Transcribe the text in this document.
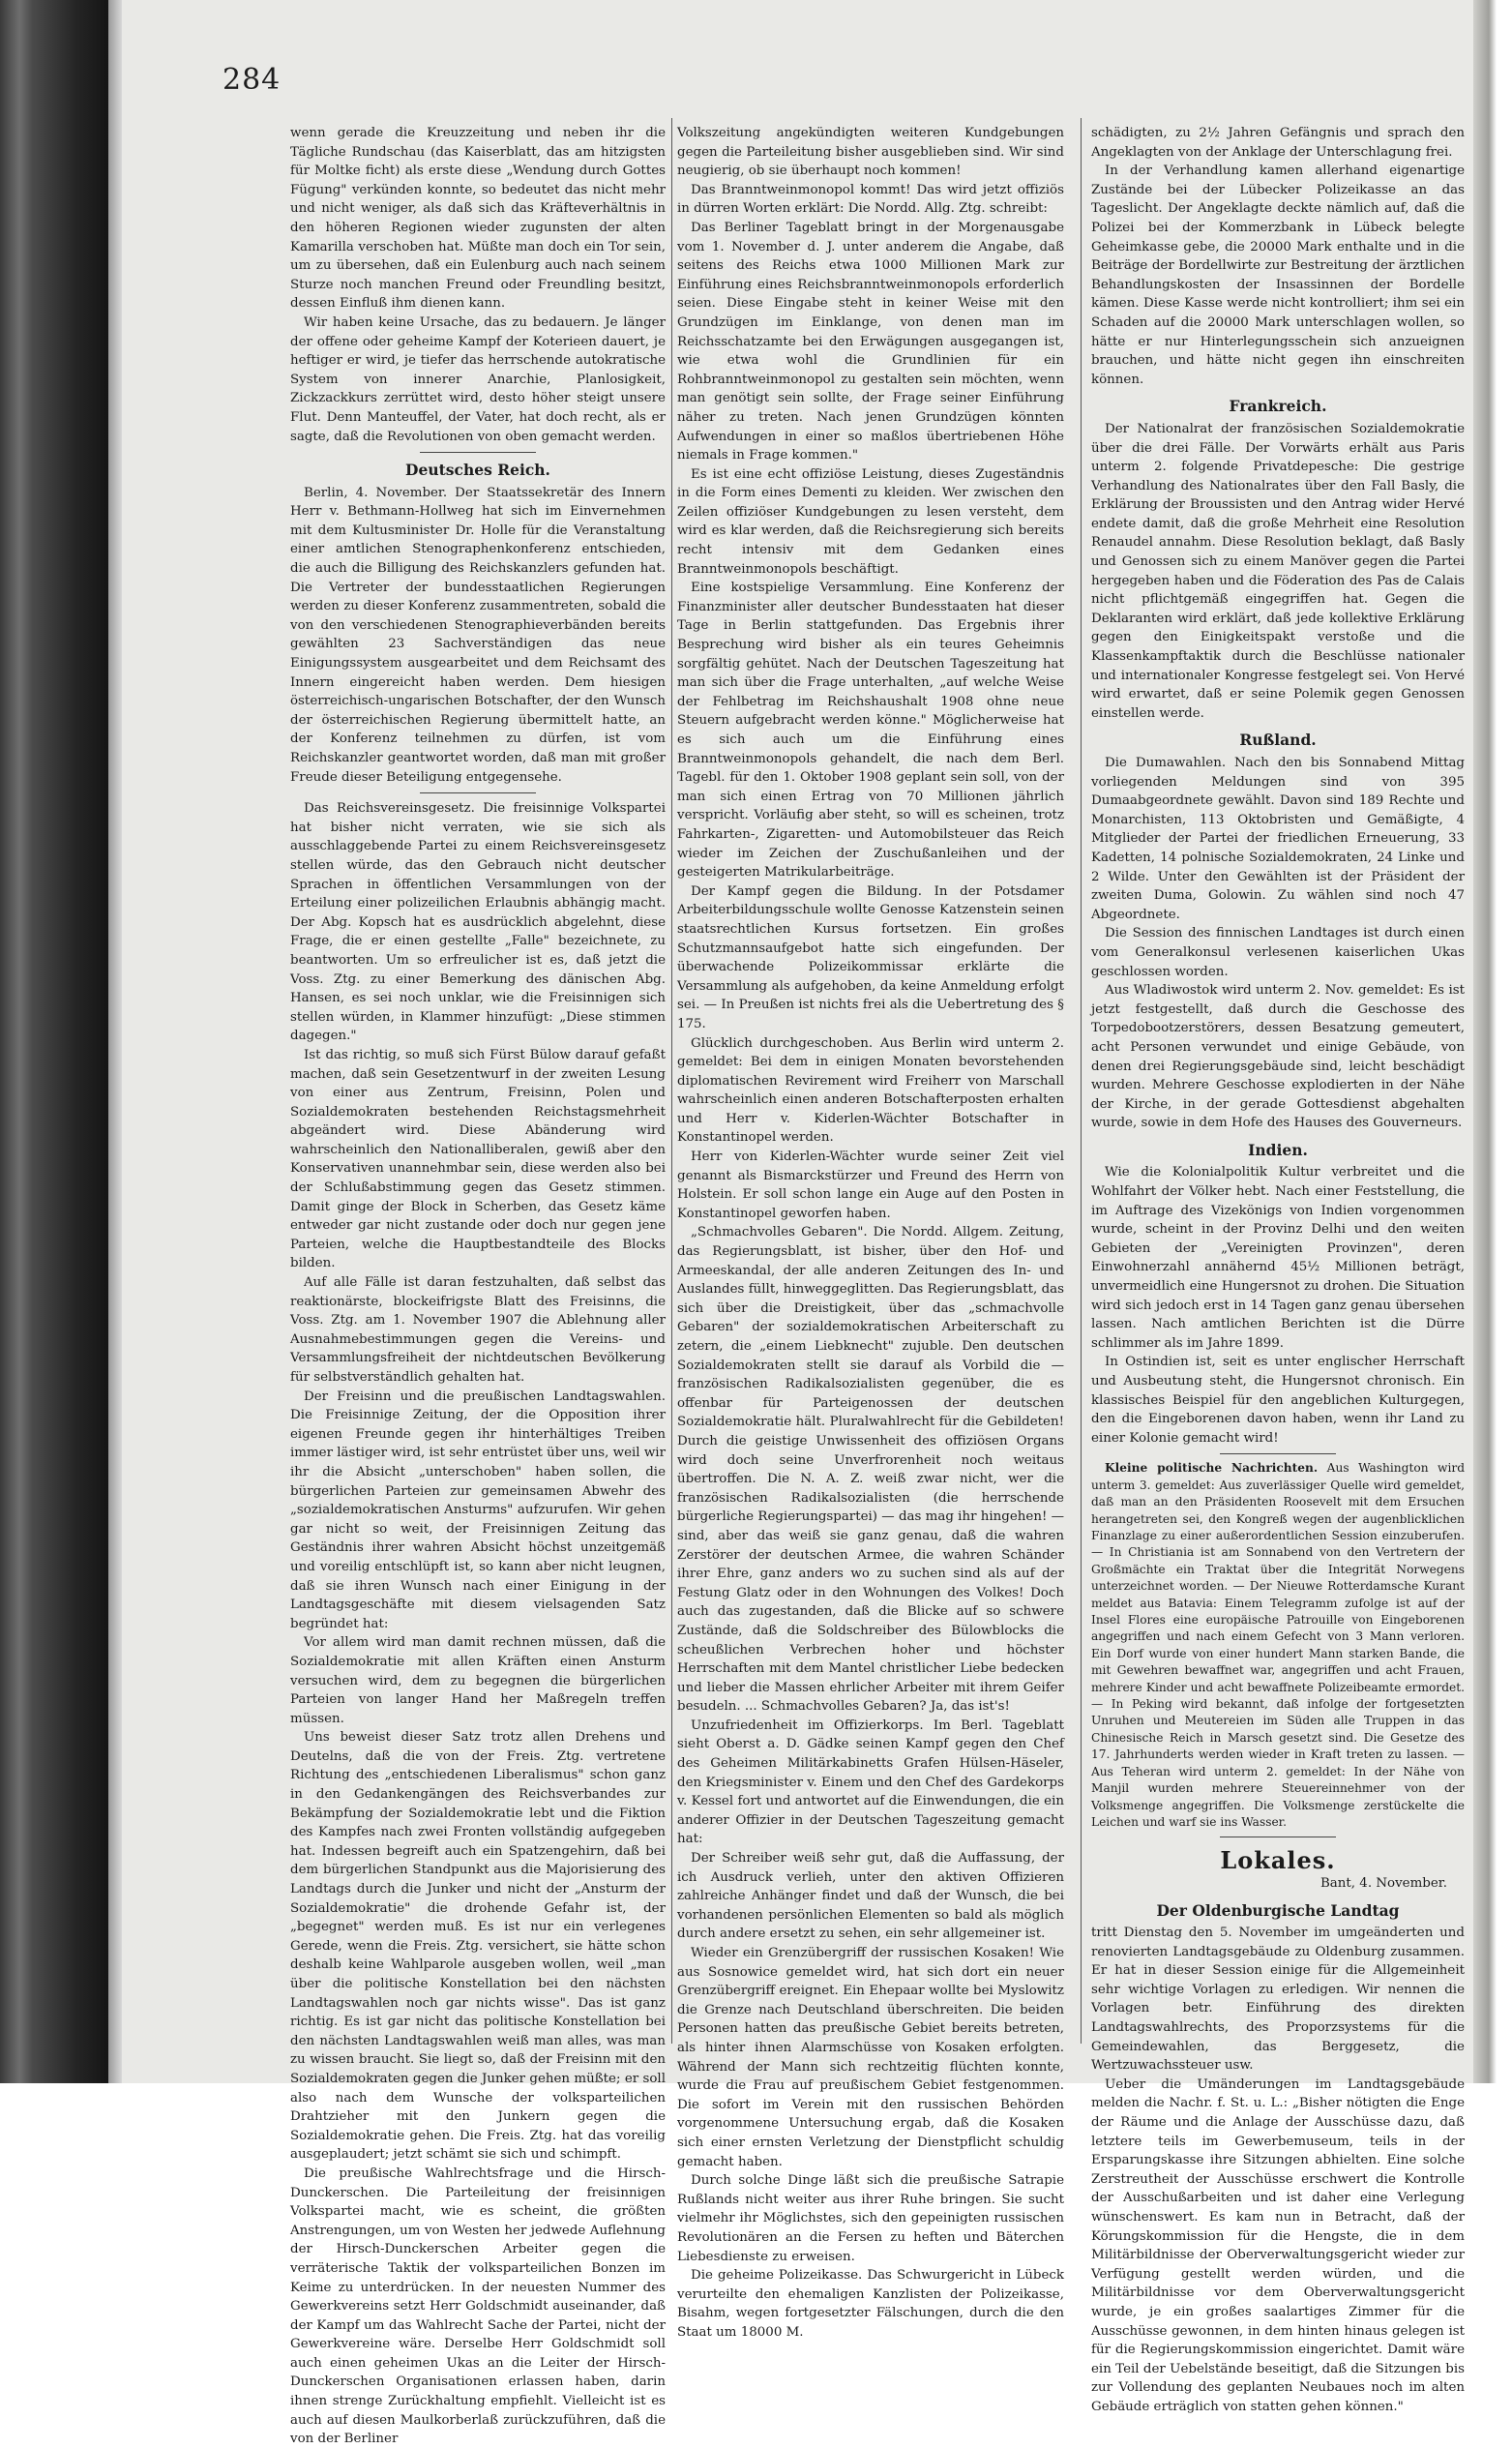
284

wenn gerade die Kreuzzeitung und neben ihr die Tägliche Rundschau (das Kaiserblatt, das am hitzigsten für Moltke ficht) als erste diese „Wendung durch Gottes Fügung" verkünden konnte, so bedeutet das nicht mehr und nicht weniger, als daß sich das Kräfteverhältnis in den höheren Regionen wieder zugunsten der alten Kamarilla verschoben hat. Müßte man doch ein Tor sein, um zu übersehen, daß ein Eulenburg auch nach seinem Sturze noch manchen Freund oder Freundling besitzt, dessen Einfluß ihm dienen kann.

Wir haben keine Ursache, das zu bedauern. Je länger der offene oder geheime Kampf der Koterieen dauert, je heftiger er wird, je tiefer das herrschende autokratische System von innerer Anarchie, Planlosigkeit, Zickzackkurs zerrüttet wird, desto höher steigt unsere Flut. Denn Manteuffel, der Vater, hat doch recht, als er sagte, daß die Revolutionen von oben gemacht werden.

Deutsches Reich.

Berlin, 4. November. Der Staatssekretär des Innern Herr v. Bethmann-Hollweg hat sich im Einvernehmen mit dem Kultusminister Dr. Holle für die Veranstaltung einer amtlichen Stenographenkonferenz entschieden, die auch die Billigung des Reichskanzlers gefunden hat. Die Vertreter der bundesstaatlichen Regierungen werden zu dieser Konferenz zusammentreten, sobald die von den verschiedenen Stenographieverbänden bereits gewählten 23 Sachverständigen das neue Einigungssystem ausgearbeitet und dem Reichsamt des Innern eingereicht haben werden. Dem hiesigen österreichisch-ungarischen Botschafter, der den Wunsch der österreichischen Regierung übermittelt hatte, an der Konferenz teilnehmen zu dürfen, ist vom Reichskanzler geantwortet worden, daß man mit großer Freude dieser Beteiligung entgegensehe.

Das Reichsvereinsgesetz. Die freisinnige Volkspartei hat bisher nicht verraten, wie sie sich als ausschlaggebende Partei zu einem Reichsvereinsgesetz stellen würde, das den Gebrauch nicht deutscher Sprachen in öffentlichen Versammlungen von der Erteilung einer polizeilichen Erlaubnis abhängig macht. Der Abg. Kopsch hat es ausdrücklich abgelehnt, diese Frage, die er einen gestellte „Falle" bezeichnete, zu beantworten. Um so erfreulicher ist es, daß jetzt die Voss. Ztg. zu einer Bemerkung des dänischen Abg. Hansen, es sei noch unklar, wie die Freisinnigen sich stellen würden, in Klammer hinzufügt: „Diese stimmen dagegen."

Ist das richtig, so muß sich Fürst Bülow darauf gefaßt machen, daß sein Gesetzentwurf in der zweiten Lesung von einer aus Zentrum, Freisinn, Polen und Sozialdemokraten bestehenden Reichstagsmehrheit abgeändert wird. Diese Abänderung wird wahrscheinlich den Nationalliberalen, gewiß aber den Konservativen unannehmbar sein, diese werden also bei der Schlußabstimmung gegen das Gesetz stimmen. Damit ginge der Block in Scherben, das Gesetz käme entweder gar nicht zustande oder doch nur gegen jene Parteien, welche die Hauptbestandteile des Blocks bilden.

Auf alle Fälle ist daran festzuhalten, daß selbst das reaktionärste, blockeifrigste Blatt des Freisinns, die Voss. Ztg. am 1. November 1907 die Ablehnung aller Ausnahmebestimmungen gegen die Vereins- und Versammlungsfreiheit der nichtdeutschen Bevölkerung für selbstverständlich gehalten hat.

Der Freisinn und die preußischen Landtagswahlen. Die Freisinnige Zeitung, der die Opposition ihrer eigenen Freunde gegen ihr hinterhältiges Treiben immer lästiger wird, ist sehr entrüstet über uns, weil wir ihr die Absicht „unterschoben" haben sollen, die bürgerlichen Parteien zur gemeinsamen Abwehr des „sozialdemokratischen Ansturms" aufzurufen. Wir gehen gar nicht so weit, der Freisinnigen Zeitung das Geständnis ihrer wahren Absicht höchst unzeitgemäß und voreilig entschlüpft ist, so kann aber nicht leugnen, daß sie ihren Wunsch nach einer Einigung in der Landtagsgeschäfte mit diesem vielsagenden Satz begründet hat:

Vor allem wird man damit rechnen müssen, daß die Sozialdemokratie mit allen Kräften einen Ansturm versuchen wird, dem zu begegnen die bürgerlichen Parteien von langer Hand her Maßregeln treffen müssen.

Uns beweist dieser Satz trotz allen Drehens und Deutelns, daß die von der Freis. Ztg. vertretene Richtung des „entschiedenen Liberalismus" schon ganz in den Gedankengängen des Reichsverbandes zur Bekämpfung der Sozialdemokratie lebt und die Fiktion des Kampfes nach zwei Fronten vollständig aufgegeben hat. Indessen begreift auch ein Spatzengehirn, daß bei dem bürgerlichen Standpunkt aus die Majorisierung des Landtags durch die Junker und nicht der „Ansturm der Sozialdemokratie" die drohende Gefahr ist, der „begegnet" werden muß. Es ist nur ein verlegenes Gerede, wenn die Freis. Ztg. versichert, sie hätte schon deshalb keine Wahlparole ausgeben wollen, weil „man über die politische Konstellation bei den nächsten Landtagswahlen noch gar nichts wisse". Das ist ganz richtig. Es ist gar nicht das politische Konstellation bei den nächsten Landtagswahlen weiß man alles, was man zu wissen braucht. Sie liegt so, daß der Freisinn mit den Sozialdemokraten gegen die Junker gehen müßte; er soll also nach dem Wunsche der volksparteilichen Drahtzieher mit den Junkern gegen die Sozialdemokratie gehen. Die Freis. Ztg. hat das voreilig ausgeplaudert; jetzt schämt sie sich und schimpft.

Die preußische Wahlrechtsfrage und die Hirsch-Dunckerschen. Die Parteileitung der freisinnigen Volkspartei macht, wie es scheint, die größten Anstrengungen, um von Westen her jedwede Auflehnung der Hirsch-Dunckerschen Arbeiter gegen die verräterische Taktik der volksparteilichen Bonzen im Keime zu unterdrücken. In der neuesten Nummer des Gewerkvereins setzt Herr Goldschmidt auseinander, daß der Kampf um das Wahlrecht Sache der Partei, nicht der Gewerkvereine wäre. Derselbe Herr Goldschmidt soll auch einen geheimen Ukas an die Leiter der Hirsch-Dunckerschen Organisationen erlassen haben, darin ihnen strenge Zurückhaltung empfiehlt. Vielleicht ist es auch auf diesen Maulkorberlaß zurückzuführen, daß die von der Berliner

Volkszeitung angekündigten weiteren Kundgebungen gegen die Parteileitung bisher ausgeblieben sind. Wir sind neugierig, ob sie überhaupt noch kommen!

Das Branntweinmonopol kommt! Das wird jetzt offiziös in dürren Worten erklärt: Die Nordd. Allg. Ztg. schreibt:

Das Berliner Tageblatt bringt in der Morgenausgabe vom 1. November d. J. unter anderem die Angabe, daß seitens des Reichs etwa 1000 Millionen Mark zur Einführung eines Reichsbranntweinmonopols erforderlich seien. Diese Eingabe steht in keiner Weise mit den Grundzügen im Einklange, von denen man im Reichsschatzamte bei den Erwägungen ausgegangen ist, wie etwa wohl die Grundlinien für ein Rohbranntweinmonopol zu gestalten sein möchten, wenn man genötigt sein sollte, der Frage seiner Einführung näher zu treten. Nach jenen Grundzügen könnten Aufwendungen in einer so maßlos übertriebenen Höhe niemals in Frage kommen."

Es ist eine echt offiziöse Leistung, dieses Zugeständnis in die Form eines Dementi zu kleiden. Wer zwischen den Zeilen offiziöser Kundgebungen zu lesen versteht, dem wird es klar werden, daß die Reichsregierung sich bereits recht intensiv mit dem Gedanken eines Branntweinmonopols beschäftigt.

Eine kostspielige Versammlung. Eine Konferenz der Finanzminister aller deutscher Bundesstaaten hat dieser Tage in Berlin stattgefunden. Das Ergebnis ihrer Besprechung wird bisher als ein teures Geheimnis sorgfältig gehütet. Nach der Deutschen Tageszeitung hat man sich über die Frage unterhalten, „auf welche Weise der Fehlbetrag im Reichshaushalt 1908 ohne neue Steuern aufgebracht werden könne." Möglicherweise hat es sich auch um die Einführung eines Branntweinmonopols gehandelt, die nach dem Berl. Tagebl. für den 1. Oktober 1908 geplant sein soll, von der man sich einen Ertrag von 70 Millionen jährlich verspricht. Vorläufig aber steht, so will es scheinen, trotz Fahrkarten-, Zigaretten- und Automobilsteuer das Reich wieder im Zeichen der Zuschußanleihen und der gesteigerten Matrikularbeiträge.

Der Kampf gegen die Bildung. In der Potsdamer Arbeiterbildungsschule wollte Genosse Katzenstein seinen staatsrechtlichen Kursus fortsetzen. Ein großes Schutzmannsaufgebot hatte sich eingefunden. Der überwachende Polizeikommissar erklärte die Versammlung als aufgehoben, da keine Anmeldung erfolgt sei. — In Preußen ist nichts frei als die Uebertretung des § 175.

Glücklich durchgeschoben. Aus Berlin wird unterm 2. gemeldet: Bei dem in einigen Monaten bevorstehenden diplomatischen Revirement wird Freiherr von Marschall wahrscheinlich einen anderen Botschafterposten erhalten und Herr v. Kiderlen-Wächter Botschafter in Konstantinopel werden.

Herr von Kiderlen-Wächter wurde seiner Zeit viel genannt als Bismarckstürzer und Freund des Herrn von Holstein. Er soll schon lange ein Auge auf den Posten in Konstantinopel geworfen haben.

„Schmachvolles Gebaren". Die Nordd. Allgem. Zeitung, das Regierungsblatt, ist bisher, über den Hof- und Armeeskandal, der alle anderen Zeitungen des In- und Auslandes füllt, hinweggeglitten. Das Regierungsblatt, das sich über die Dreistigkeit, über das „schmachvolle Gebaren" der sozialdemokratischen Arbeiterschaft zu zetern, die „einem Liebknecht" zujuble. Den deutschen Sozialdemokraten stellt sie darauf als Vorbild die — französischen Radikalsozialisten gegenüber, die es offenbar für Parteigenossen der deutschen Sozialdemokratie hält. Pluralwahlrecht für die Gebildeten! Durch die geistige Unwissenheit des offiziösen Organs wird doch seine Unverfrorenheit noch weitaus übertroffen. Die N. A. Z. weiß zwar nicht, wer die französischen Radikalsozialisten (die herrschende bürgerliche Regierungspartei) — das mag ihr hingehen! — sind, aber das weiß sie ganz genau, daß die wahren Zerstörer der deutschen Armee, die wahren Schänder ihrer Ehre, ganz anders wo zu suchen sind als auf der Festung Glatz oder in den Wohnungen des Volkes! Doch auch das zugestanden, daß die Blicke auf so schwere Zustände, daß die Soldschreiber des Bülowblocks die scheußlichen Verbrechen hoher und höchster Herrschaften mit dem Mantel christlicher Liebe bedecken und lieber die Massen ehrlicher Arbeiter mit ihrem Geifer besudeln. ... Schmachvolles Gebaren? Ja, das ist's!

Unzufriedenheit im Offizierkorps. Im Berl. Tageblatt sieht Oberst a. D. Gädke seinen Kampf gegen den Chef des Geheimen Militärkabinetts Grafen Hülsen-Häseler, den Kriegsminister v. Einem und den Chef des Gardekorps v. Kessel fort und antwortet auf die Einwendungen, die ein anderer Offizier in der Deutschen Tageszeitung gemacht hat:

Der Schreiber weiß sehr gut, daß die Auffassung, der ich Ausdruck verlieh, unter den aktiven Offizieren zahlreiche Anhänger findet und daß der Wunsch, die bei vorhandenen persönlichen Elementen so bald als möglich durch andere ersetzt zu sehen, ein sehr allgemeiner ist.

Wieder ein Grenzübergriff der russischen Kosaken! Wie aus Sosnowice gemeldet wird, hat sich dort ein neuer Grenzübergriff ereignet. Ein Ehepaar wollte bei Myslowitz die Grenze nach Deutschland überschreiten. Die beiden Personen hatten das preußische Gebiet bereits betreten, als hinter ihnen Alarmschüsse von Kosaken erfolgten. Während der Mann sich rechtzeitig flüchten konnte, wurde die Frau auf preußischem Gebiet festgenommen. Die sofort im Verein mit den russischen Behörden vorgenommene Untersuchung ergab, daß die Kosaken sich einer ernsten Verletzung der Dienstpflicht schuldig gemacht haben.

Durch solche Dinge läßt sich die preußische Satrapie Rußlands nicht weiter aus ihrer Ruhe bringen. Sie sucht vielmehr ihr Möglichstes, sich den gepeinigten russischen Revolutionären an die Fersen zu heften und Bäterchen Liebesdienste zu erweisen.

Die geheime Polizeikasse. Das Schwurgericht in Lübeck verurteilte den ehemaligen Kanzlisten der Polizeikasse, Bisahm, wegen fortgesetzter Fälschungen, durch die den Staat um 18000 M.

schädigten, zu 2½ Jahren Gefängnis und sprach den Angeklagten von der Anklage der Unterschlagung frei.

In der Verhandlung kamen allerhand eigenartige Zustände bei der Lübecker Polizeikasse an das Tageslicht. Der Angeklagte deckte nämlich auf, daß die Polizei bei der Kommerzbank in Lübeck belegte Geheimkasse gebe, die 20000 Mark enthalte und in die Beiträge der Bordellwirte zur Bestreitung der ärztlichen Behandlungskosten der Insassinnen der Bordelle kämen. Diese Kasse werde nicht kontrolliert; ihm sei ein Schaden auf die 20000 Mark unterschlagen wollen, so hätte er nur Hinterlegungsschein sich anzueignen brauchen, und hätte nicht gegen ihn einschreiten können.

Frankreich.

Der Nationalrat der französischen Sozialdemokratie über die drei Fälle. Der Vorwärts erhält aus Paris unterm 2. folgende Privatdepesche: Die gestrige Verhandlung des Nationalrates über den Fall Basly, die Erklärung der Broussisten und den Antrag wider Hervé endete damit, daß die große Mehrheit eine Resolution Renaudel annahm. Diese Resolution beklagt, daß Basly und Genossen sich zu einem Manöver gegen die Partei hergegeben haben und die Föderation des Pas de Calais nicht pflichtgemäß eingegriffen hat. Gegen die Deklaranten wird erklärt, daß jede kollektive Erklärung gegen den Einigkeitspakt verstoße und die Klassenkampftaktik durch die Beschlüsse nationaler und internationaler Kongresse festgelegt sei. Von Hervé wird erwartet, daß er seine Polemik gegen Genossen einstellen werde.

Rußland.

Die Dumawahlen. Nach den bis Sonnabend Mittag vorliegenden Meldungen sind von 395 Dumaabgeordnete gewählt. Davon sind 189 Rechte und Monarchisten, 113 Oktobristen und Gemäßigte, 4 Mitglieder der Partei der friedlichen Erneuerung, 33 Kadetten, 14 polnische Sozialdemokraten, 24 Linke und 2 Wilde. Unter den Gewählten ist der Präsident der zweiten Duma, Golowin. Zu wählen sind noch 47 Abgeordnete.

Die Session des finnischen Landtages ist durch einen vom Generalkonsul verlesenen kaiserlichen Ukas geschlossen worden.

Aus Wladiwostok wird unterm 2. Nov. gemeldet: Es ist jetzt festgestellt, daß durch die Geschosse des Torpedobootzerstörers, dessen Besatzung gemeutert, acht Personen verwundet und einige Gebäude, von denen drei Regierungsgebäude sind, leicht beschädigt wurden. Mehrere Geschosse explodierten in der Nähe der Kirche, in der gerade Gottesdienst abgehalten wurde, sowie in dem Hofe des Hauses des Gouverneurs.

Indien.

Wie die Kolonialpolitik Kultur verbreitet und die Wohlfahrt der Völker hebt. Nach einer Feststellung, die im Auftrage des Vizekönigs von Indien vorgenommen wurde, scheint in der Provinz Delhi und den weiten Gebieten der „Vereinigten Provinzen", deren Einwohnerzahl annähernd 45½ Millionen beträgt, unvermeidlich eine Hungersnot zu drohen. Die Situation wird sich jedoch erst in 14 Tagen ganz genau übersehen lassen. Nach amtlichen Berichten ist die Dürre schlimmer als im Jahre 1899.

In Ostindien ist, seit es unter englischer Herrschaft und Ausbeutung steht, die Hungersnot chronisch. Ein klassisches Beispiel für den angeblichen Kulturgegen, den die Eingeborenen davon haben, wenn ihr Land zu einer Kolonie gemacht wird!

Kleine politische Nachrichten. Aus Washington wird unterm 3. gemeldet: Aus zuverlässiger Quelle wird gemeldet, daß man an den Präsidenten Roosevelt mit dem Ersuchen herangetreten sei, den Kongreß wegen der augenblicklichen Finanzlage zu einer außerordentlichen Session einzuberufen. — In Christiania ist am Sonnabend von den Vertretern der Großmächte ein Traktat über die Integrität Norwegens unterzeichnet worden. — Der Nieuwe Rotterdamsche Kurant meldet aus Batavia: Einem Telegramm zufolge ist auf der Insel Flores eine europäische Patrouille von Eingeborenen angegriffen und nach einem Gefecht von 3 Mann verloren. Ein Dorf wurde von einer hundert Mann starken Bande, die mit Gewehren bewaffnet war, angegriffen und acht Frauen, mehrere Kinder und acht bewaffnete Polizeibeamte ermordet. — In Peking wird bekannt, daß infolge der fortgesetzten Unruhen und Meutereien im Süden alle Truppen in das Chinesische Reich in Marsch gesetzt sind. Die Gesetze des 17. Jahrhunderts werden wieder in Kraft treten zu lassen. — Aus Teheran wird unterm 2. gemeldet: In der Nähe von Manjil wurden mehrere Steuereinnehmer von der Volksmenge angegriffen. Die Volksmenge zerstückelte die Leichen und warf sie ins Wasser.

Lokales.
Bant, 4. November.
Der Oldenburgische Landtag

tritt Dienstag den 5. November im umgeänderten und renovierten Landtagsgebäude zu Oldenburg zusammen. Er hat in dieser Session einige für die Allgemeinheit sehr wichtige Vorlagen zu erledigen. Wir nennen die Vorlagen betr. Einführung des direkten Landtagswahlrechts, des Proporzsystems für die Gemeindewahlen, das Berggesetz, die Wertzuwachssteuer usw.

Ueber die Umänderungen im Landtagsgebäude melden die Nachr. f. St. u. L.: „Bisher nötigten die Enge der Räume und die Anlage der Ausschüsse dazu, daß letztere teils im Gewerbemuseum, teils in der Ersparungskasse ihre Sitzungen abhielten. Eine solche Zerstreutheit der Ausschüsse erschwert die Kontrolle der Ausschußarbeiten und ist daher eine Verlegung wünschenswert. Es kam nun in Betracht, daß der Körungskommission für die Hengste, die in dem Militärbildnisse der Oberverwaltungsgericht wieder zur Verfügung gestellt werden würden, und die Militärbildnisse vor dem Oberverwaltungsgericht wurde, je ein großes saalartiges Zimmer für die Ausschüsse gewonnen, in dem hinten hinaus gelegen ist für die Regierungskommission eingerichtet. Damit wäre ein Teil der Uebelstände beseitigt, daß die Sitzungen bis zur Vollendung des geplanten Neubaues noch im alten Gebäude erträglich von statten gehen können."
